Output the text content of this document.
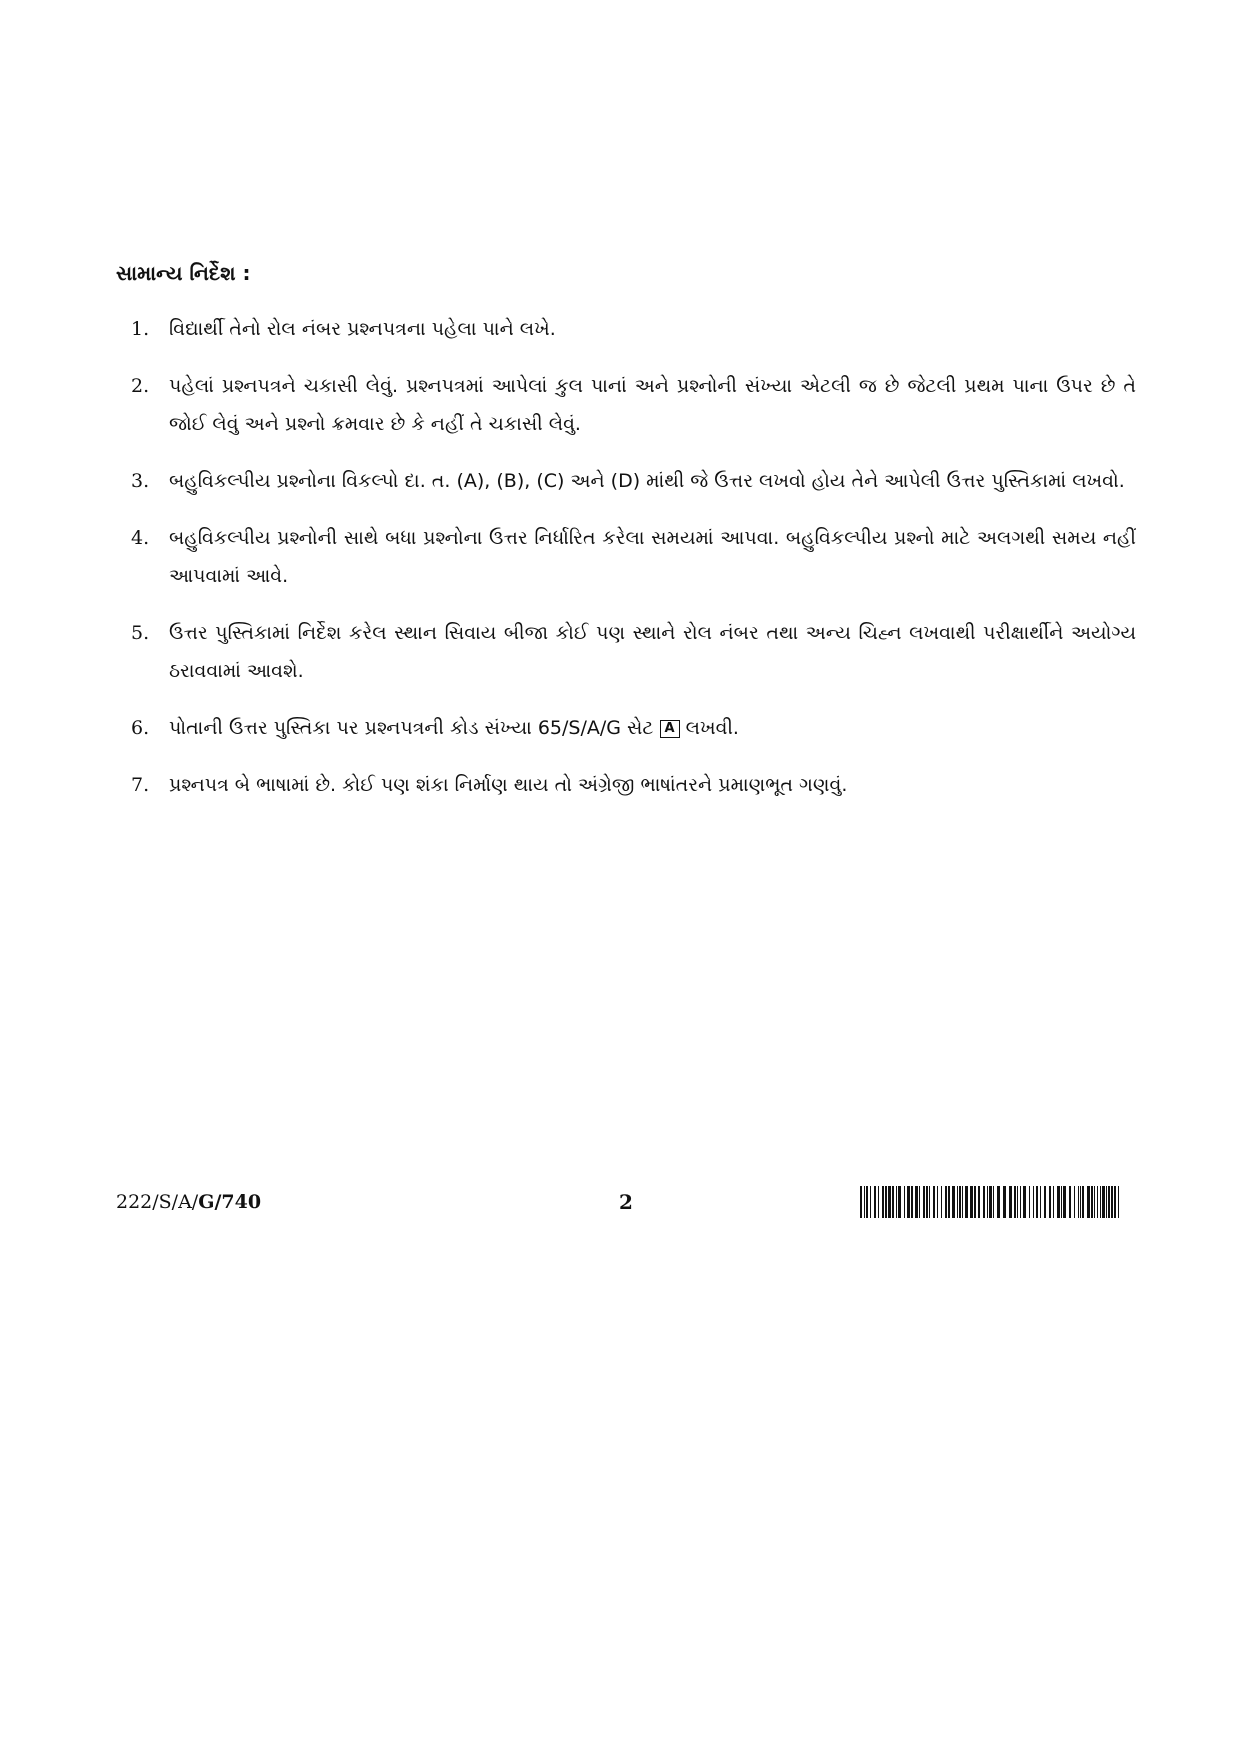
સામાન્ય નિર્દેશ :
1. વિદ્યાર્થી તેનો રોલ નંબર પ્રશ્નપત્રના પહેલા પાને લખે.
2. પહેલાં પ્રશ્નપત્રને ચકાસી લેવું. પ્રશ્નપત્રમાં આપેલાં કુલ પાનાં અને પ્રશ્નોની સંખ્યા એટલી જ છે જેટલી પ્રથમ પાના ઉપર છે તે જોઈ લેવું અને પ્રશ્નો ક્રમવાર છે કે નહીં તે ચકાસી લેવું.
3. બહુવિકલ્પીય પ્રશ્નોના વિકલ્પો દા. ત. (A), (B), (C) અને (D) માંથી જે ઉત્તર લખવો હોય તેને આપેલી ઉત્તર પુસ્તિકામાં લખવો.
4. બહુવિકલ્પીય પ્રશ્નોની સાથે બધા પ્રશ્નોના ઉત્તર નિર્ધારિત કરેલા સમયમાં આપવા. બહુવિકલ્પીય પ્રશ્નો માટે અલગથી સમય નહીં આપવામાં આવે.
5. ઉત્તર પુસ્તિકામાં નિર્દેશ કરેલ સ્થાન સિવાય બીજા કોઈ પણ સ્થાને રોલ નંબર તથા અન્ય ચિહ્ન લખવાથી પરીક્ષાર્થીને અયોગ્ય ઠરાવવામાં આવશે.
6. પોતાની ઉત્તર પુસ્તિકા પર પ્રશ્નપત્રની કોડ સંખ્યા 65/S/A/G સેટ A લખવી.
7. પ્રશ્નપત્ર બે ભાષામાં છે. કોઈ પણ શંકા નિર્માણ થાય તો અંગ્રેજી ભાષાંતરને પ્રમાણભૂત ગણવું.
222/S/A/G/740	2
